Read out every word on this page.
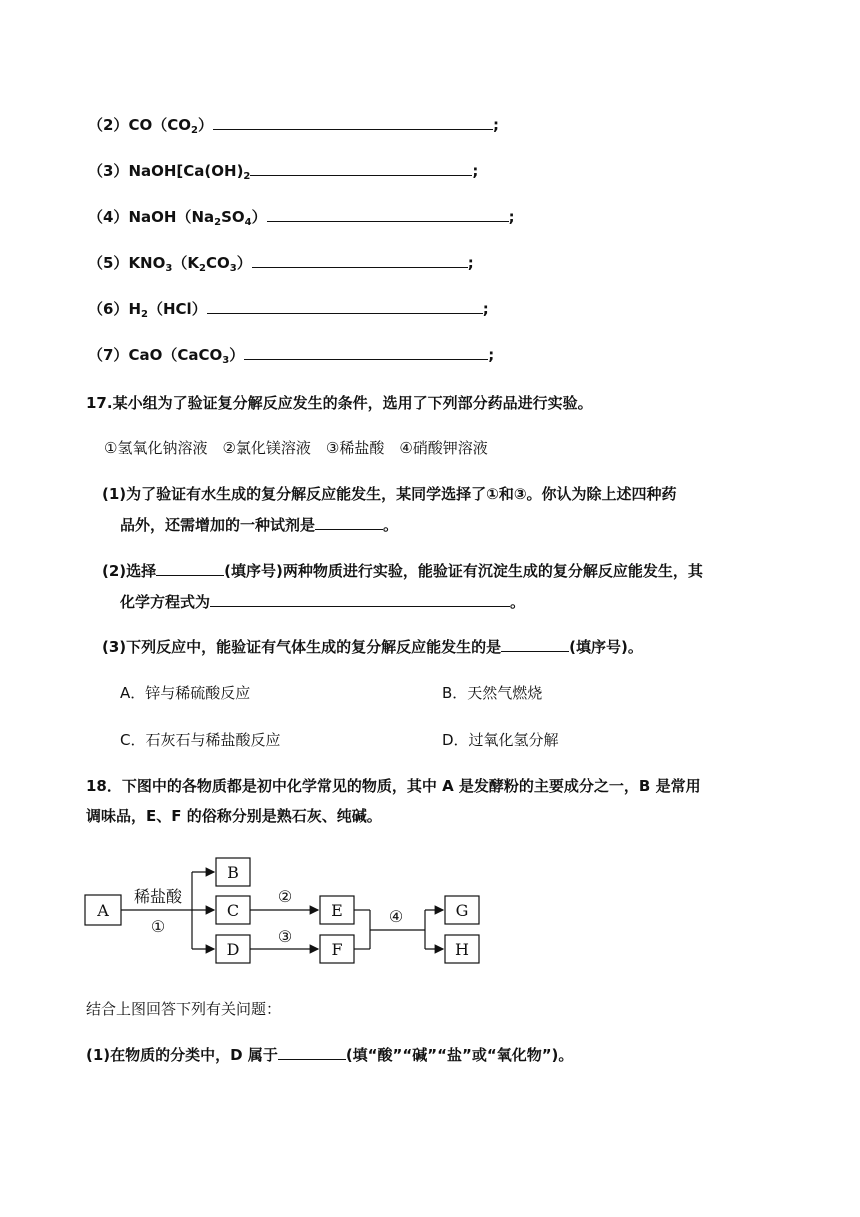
$(2)CO(CO_2)$	;
$(3)NaOH[Ca(OH)_2$	;
$(4)NaOH(Na_2SO_4)$	;
$(5)KNO_3(K_2CO_3)$	;
$(6)H_2(HCl)$	;
（7）CaO（CaCO$_3$）	;
17.某小组为了验证复分解反应发生的条件，选用了下列部分药品进行实验。
①氢氧化钠溶液　②氯化镁溶液　③稀盐酸　④硝酸钾溶液
(1)为了验证有水生成的复分解反应能发生，某同学选择了①和③。你认为除上述四种药
品外，还需增加的一种试剂是	。
(2)选择	(填序号)两种物质进行实验，能验证有沉淀生成的复分解反应能发生，其
化学方程式为	。
(3)下列反应中，能验证有气体生成的复分解反应能发生的是	(填序号)。
A．锌与稀硫酸反应	B．天然气燃烧
C．石灰石与稀盐酸反应	D．过氧化氢分解
18．下图中的各物质都是初中化学常见的物质，其中 A 是发酵粉的主要成分之一，B 是常用
调味品，E、F 的俗称分别是熟石灰、纯碱。
A
B
C
D
E
F
G
H
稀盐酸
①
②
③
④
结合上图回答下列有关问题：
(1)在物质的分类中，D 属于	(填“酸”“碱”“盐”或“氧化物”)。
